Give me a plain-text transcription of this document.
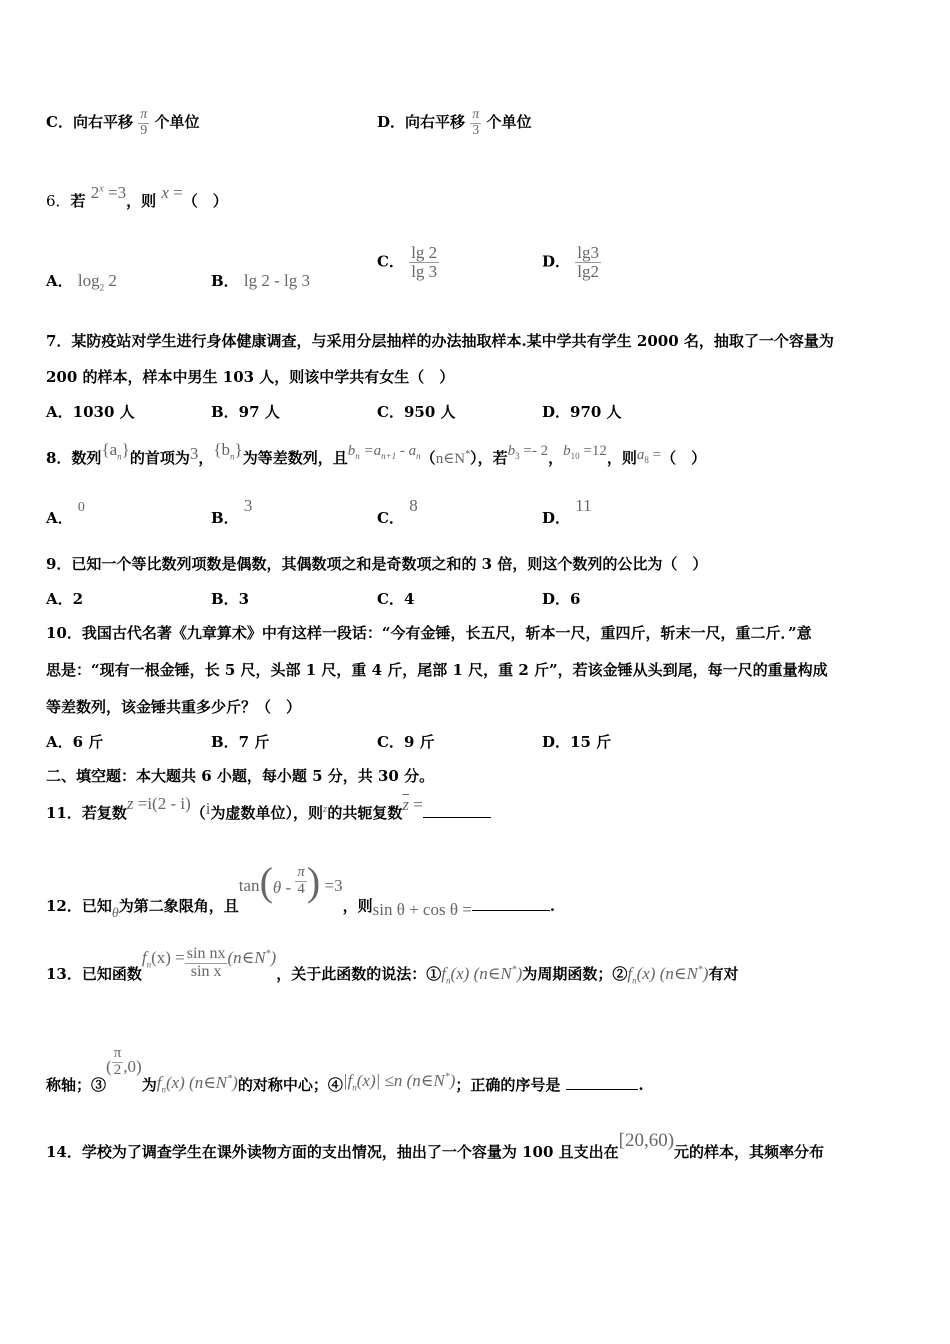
C．向右平移 $\frac{\pi}{9}$ 个单位	D．向右平移 $\frac{\pi}{3}$ 个单位
6．若 $2^x =3$，则 x =（　）
A． $\log_2 2$	B． lg 2 - lg 3
C． $\frac{\lg 2}{\lg 3}$	D． $\frac{\lg 3}{\lg 2}$
7．某防疫站对学生进行身体健康调查，与采用分层抽样的办法抽取样本.某中学共有学生 2000 名，抽取了一个容量为
200 的样本，样本中男生 103 人，则该中学共有女生（　）
A．1030 人	B．97 人	C．950 人	D．970 人
8．数列$\{a_n\}$的首项为3，$\{b_n\}$为等差数列，且$b_n =a_{n+1}$ - $a_n(n\in N^*)$，若$b_3 =- 2$，$b_{10} =12$，则$a_8$ =（　）
A． 0
B． 3
C． 8
D． 11
9．已知一个等比数列项数是偶数，其偶数项之和是奇数项之和的 3 倍，则这个数列的公比为（　）
A．2	B．3	C．4	D．6
10．我国古代名著《九章算术》中有这样一段话：“今有金锤，长五尺，斩本一尺，重四斤，斩末一尺，重二斤．”意
思是：“现有一根金锤，长 5 尺，头部 1 尺，重 4 斤，尾部 1 尺，重 2 斤”，若该金锤从头到尾，每一尺的重量构成
等差数列，该金锤共重多少斤？（　）
A．6 斤	B．7 斤	C．9 斤	D．15 斤
二、填空题：本大题共 6 小题，每小题 5 分，共 30 分。
11．若复数z =i(2 - i)（i为虚数单位），则$^z$的共轭复数$\overline{z}$ =
12．已知θ为第二象限角，且$\tan(\theta - \frac{\pi}{4}$ ) =3，则sin θ + cos θ =	.
13．已知函数$f_n(x) = \frac{\text{sin nx}}{\text{sin x}}$ (n∈N*)，关于此函数的说法：$①f_n(x)$ (n∈N*)为周期函数；$②f_n(x)$ (n∈N*)有对
称轴；③( $\frac{\pi}{2} ,0$)为$f_n(x)$ (n∈N*)的对称中心；$④|f_n(x)| \le n$ (n∈N*)；正确的序号是	.
14．学校为了调查学生在课外读物方面的支出情况，抽出了一个容量为 100 且支出在[20,60)元的样本，其频率分布
